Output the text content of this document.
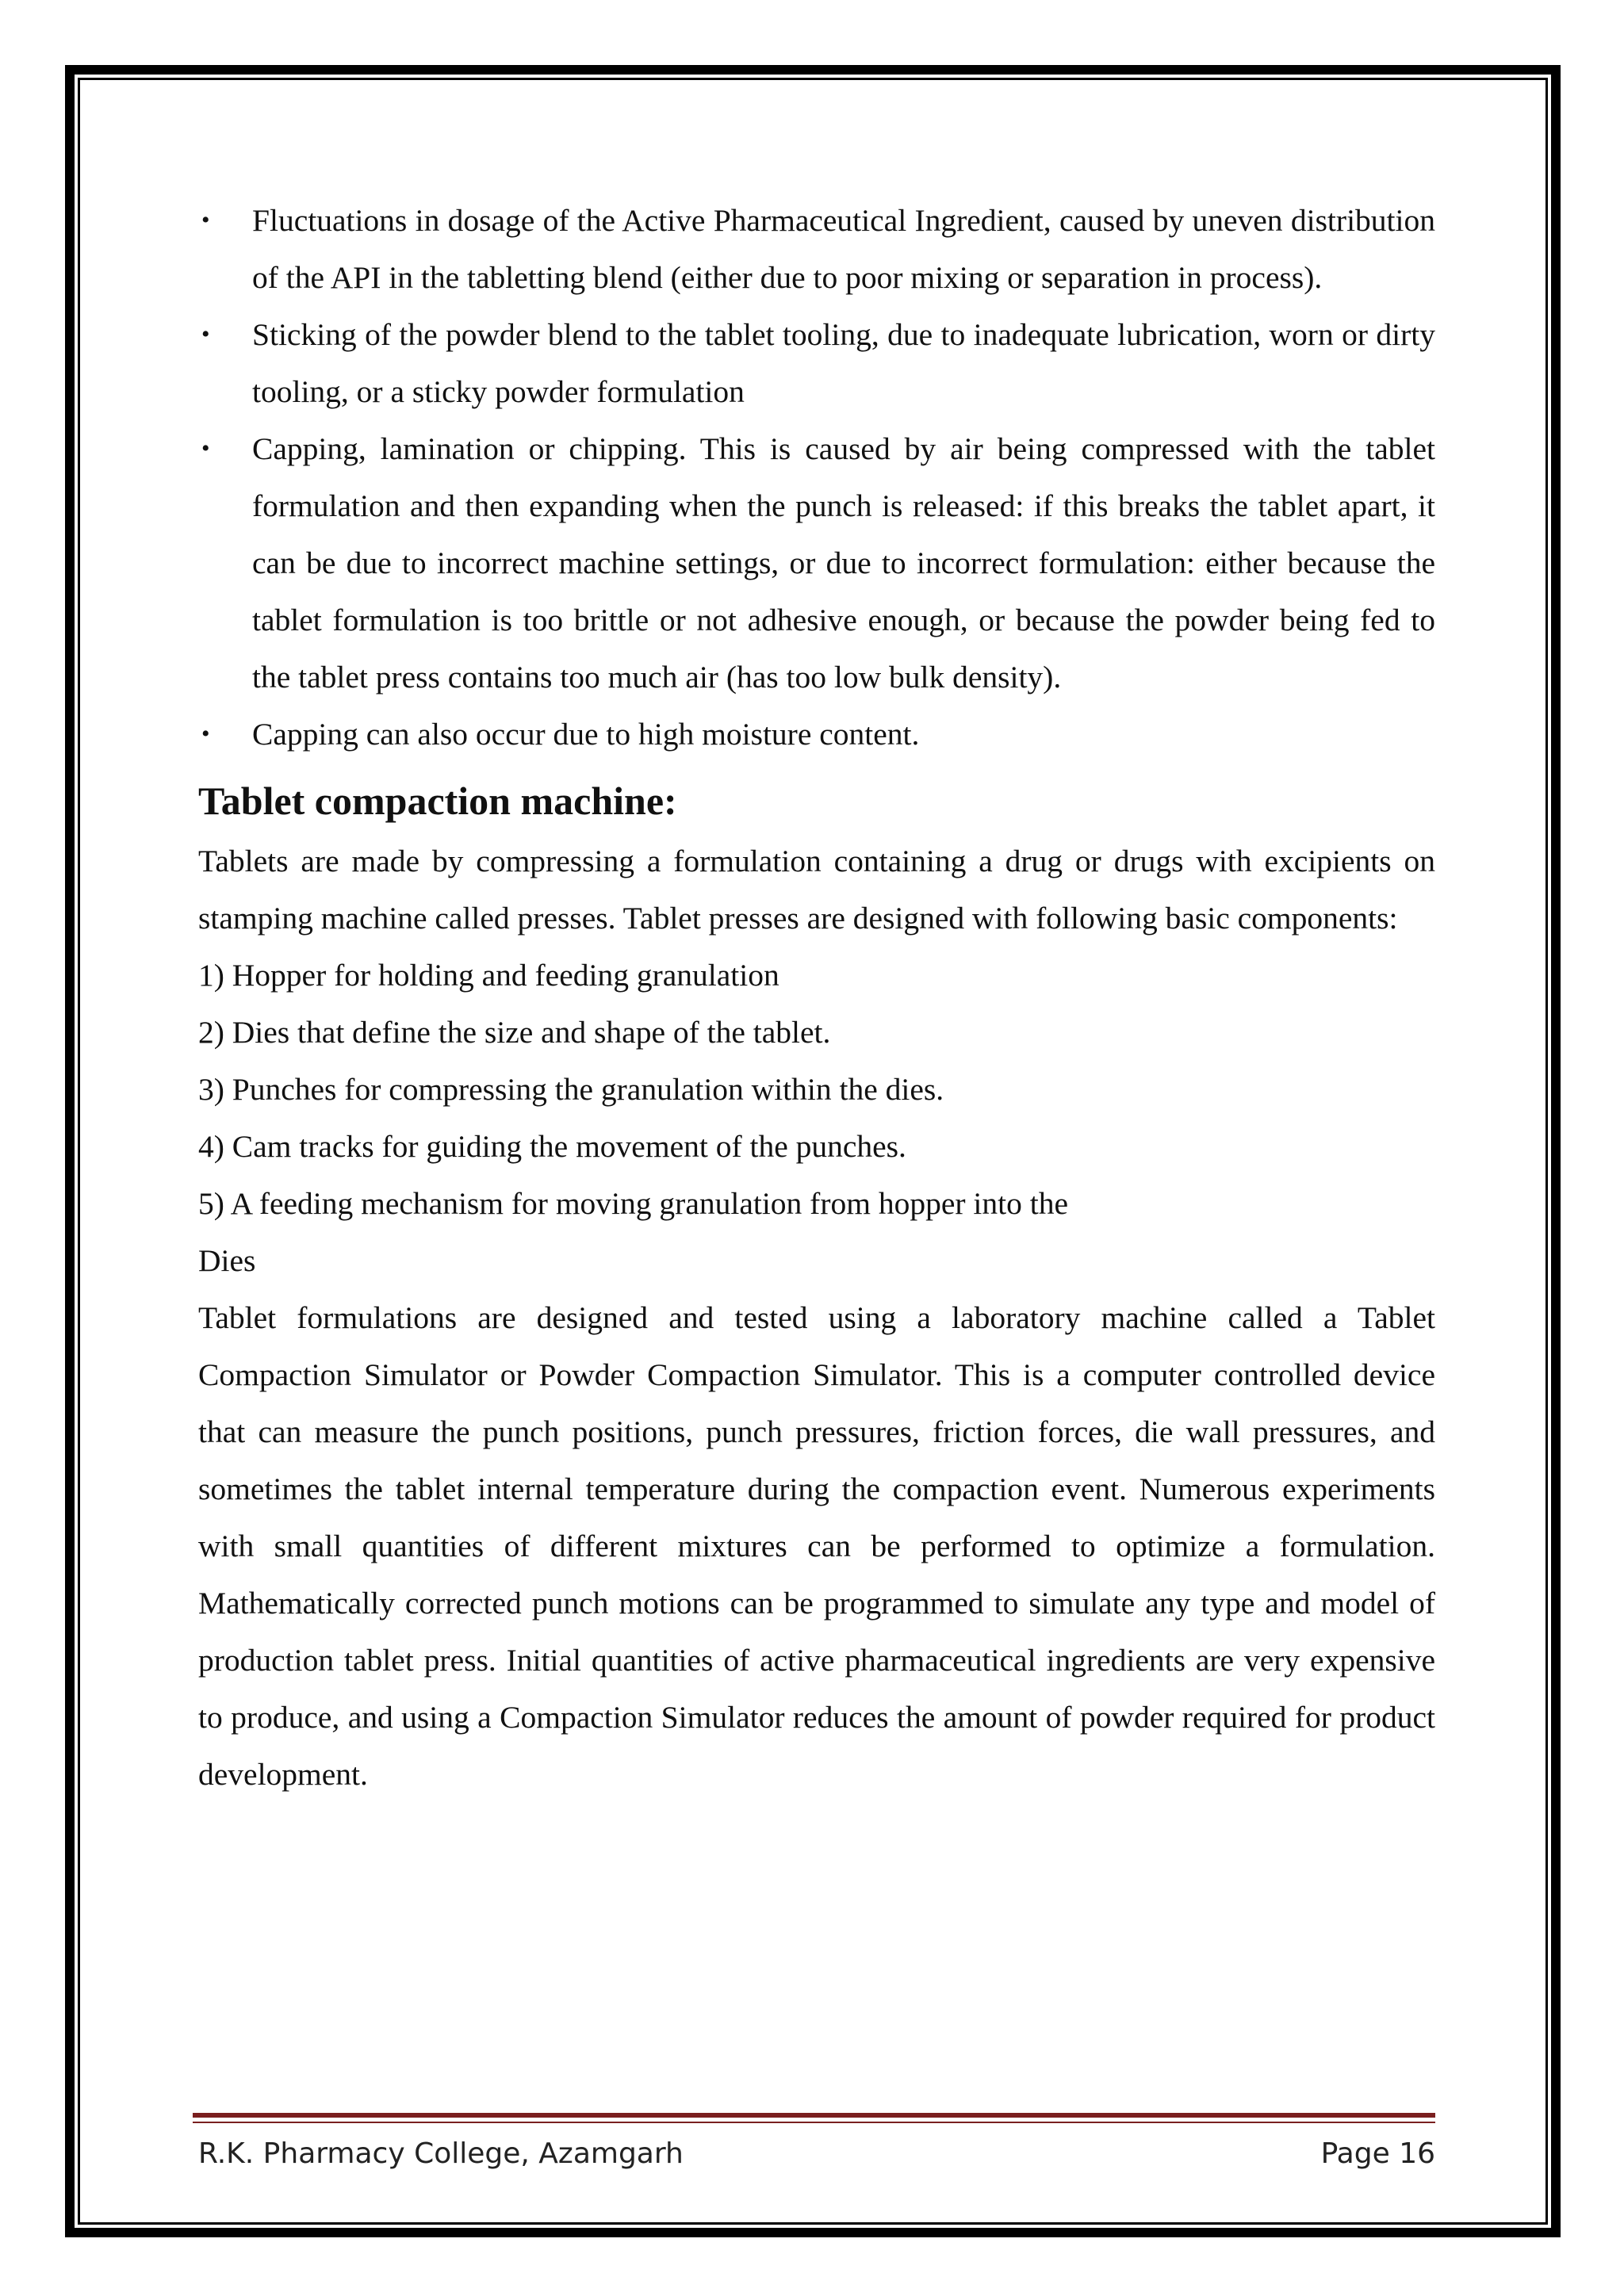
• Fluctuations in dosage of the Active Pharmaceutical Ingredient, caused by uneven distribution of the API in the tabletting blend (either due to poor mixing or separation in process).
• Sticking of the powder blend to the tablet tooling, due to inadequate lubrication, worn or dirty tooling, or a sticky powder formulation
• Capping, lamination or chipping. This is caused by air being compressed with the tablet formulation and then expanding when the punch is released: if this breaks the tablet apart, it can be due to incorrect machine settings, or due to incorrect formulation: either because the tablet formulation is too brittle or not adhesive enough, or because the powder being fed to the tablet press contains too much air (has too low bulk density).
• Capping can also occur due to high moisture content.
Tablet compaction machine:

Tablets are made by compressing a formulation containing a drug or drugs with excipients on stamping machine called presses. Tablet presses are designed with following basic components:

1) Hopper for holding and feeding granulation
2) Dies that define the size and shape of the tablet.
3) Punches for compressing the granulation within the dies.
4) Cam tracks for guiding the movement of the punches.
5) A feeding mechanism for moving granulation from hopper into the
Dies

Tablet formulations are designed and tested using a laboratory machine called a Tablet Compaction Simulator or Powder Compaction Simulator. This is a computer controlled device that can measure the punch positions, punch pressures, friction forces, die wall pressures, and sometimes the tablet internal temperature during the compaction event. Numerous experiments with small quantities of different mixtures can be performed to optimize a formulation. Mathematically corrected punch motions can be programmed to simulate any type and model of production tablet press. Initial quantities of active pharmaceutical ingredients are very expensive to produce, and using a Compaction Simulator reduces the amount of powder required for product development.

R.K. Pharmacy College, Azamgarh	Page 16
